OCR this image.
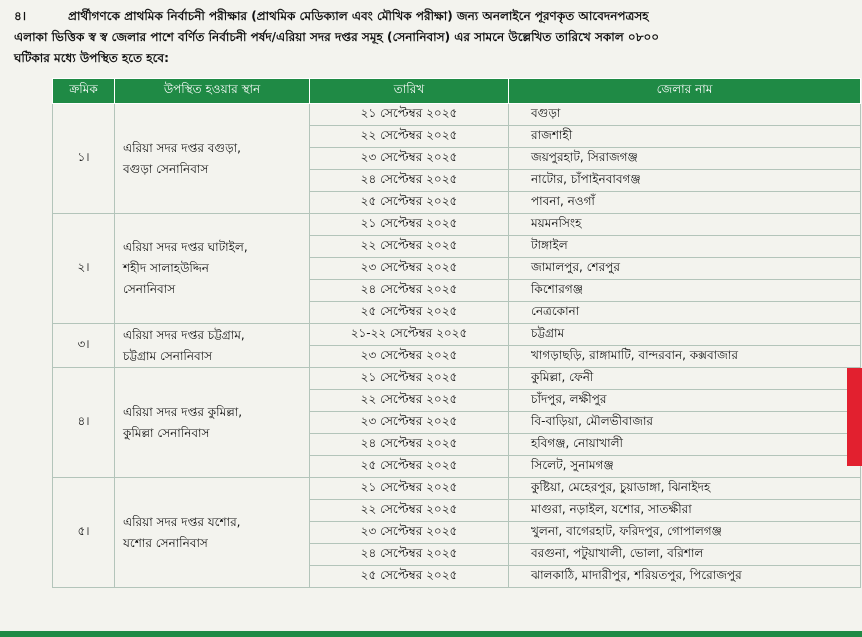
৪।	প্রার্থীগণকে প্রাথমিক নির্বাচনী পরীক্ষার (প্রাথমিক মেডিক্যাল এবং মৌখিক পরীক্ষা) জন্য অনলাইনে পূরণকৃত আবেদনপত্রসহ
এলাকা ভিত্তিক স্ব স্ব জেলার পাশে বর্ণিত নির্বাচনী পর্ষদ/এরিয়া সদর দপ্তর সমূহ (সেনানিবাস) এর সামনে উল্লেখিত তারিখে সকাল ০৮০০
ঘটিকার মধ্যে উপস্থিত হতে হবে:
ক্রমিক	উপস্থিত হওয়ার স্থান	তারিখ	জেলার নাম
১।	এরিয়া সদর দপ্তর বগুড়া,
বগুড়া সেনানিবাস	২১ সেপ্টেম্বর ২০২৫	বগুড়া
		২২ সেপ্টেম্বর ২০২৫	রাজশাহী
		২৩ সেপ্টেম্বর ২০২৫	জয়পুরহাট, সিরাজগঞ্জ
		২৪ সেপ্টেম্বর ২০২৫	নাটোর, চাঁপাইনবাবগঞ্জ
		২৫ সেপ্টেম্বর ২০২৫	পাবনা, নওগাঁ
২।	এরিয়া সদর দপ্তর ঘাটাইল,
শহীদ সালাহউদ্দিন
সেনানিবাস	২১ সেপ্টেম্বর ২০২৫	ময়মনসিংহ
		২২ সেপ্টেম্বর ২০২৫	টাঙ্গাইল
		২৩ সেপ্টেম্বর ২০২৫	জামালপুর, শেরপুর
		২৪ সেপ্টেম্বর ২০২৫	কিশোরগঞ্জ
		২৫ সেপ্টেম্বর ২০২৫	নেত্রকোনা
৩।	এরিয়া সদর দপ্তর চট্টগ্রাম,
চট্টগ্রাম সেনানিবাস	২১-২২ সেপ্টেম্বর ২০২৫	চট্টগ্রাম
		২৩ সেপ্টেম্বর ২০২৫	খাগড়াছড়ি, রাঙ্গামাটি, বান্দরবান, কক্সবাজার
৪।	এরিয়া সদর দপ্তর কুমিল্লা,
কুমিল্লা সেনানিবাস	২১ সেপ্টেম্বর ২০২৫	কুমিল্লা, ফেনী
		২২ সেপ্টেম্বর ২০২৫	চাঁদপুর, লক্ষীপুর
		২৩ সেপ্টেম্বর ২০২৫	বি-বাড়িয়া, মৌলভীবাজার
		২৪ সেপ্টেম্বর ২০২৫	হবিগঞ্জ, নোয়াখালী
		২৫ সেপ্টেম্বর ২০২৫	সিলেট, সুনামগঞ্জ
৫।	এরিয়া সদর দপ্তর যশোর,
যশোর সেনানিবাস	২১ সেপ্টেম্বর ২০২৫	কুষ্টিয়া, মেহেরপুর, চুয়াডাঙ্গা, ঝিনাইদহ
		২২ সেপ্টেম্বর ২০২৫	মাগুরা, নড়াইল, যশোর, সাতক্ষীরা
		২৩ সেপ্টেম্বর ২০২৫	খুলনা, বাগেরহাট, ফরিদপুর, গোপালগঞ্জ
		২৪ সেপ্টেম্বর ২০২৫	বরগুনা, পটুয়াখালী, ভোলা, বরিশাল
		২৫ সেপ্টেম্বর ২০২৫	ঝালকাঠি, মাদারীপুর, শরিয়তপুর, পিরোজপুর
